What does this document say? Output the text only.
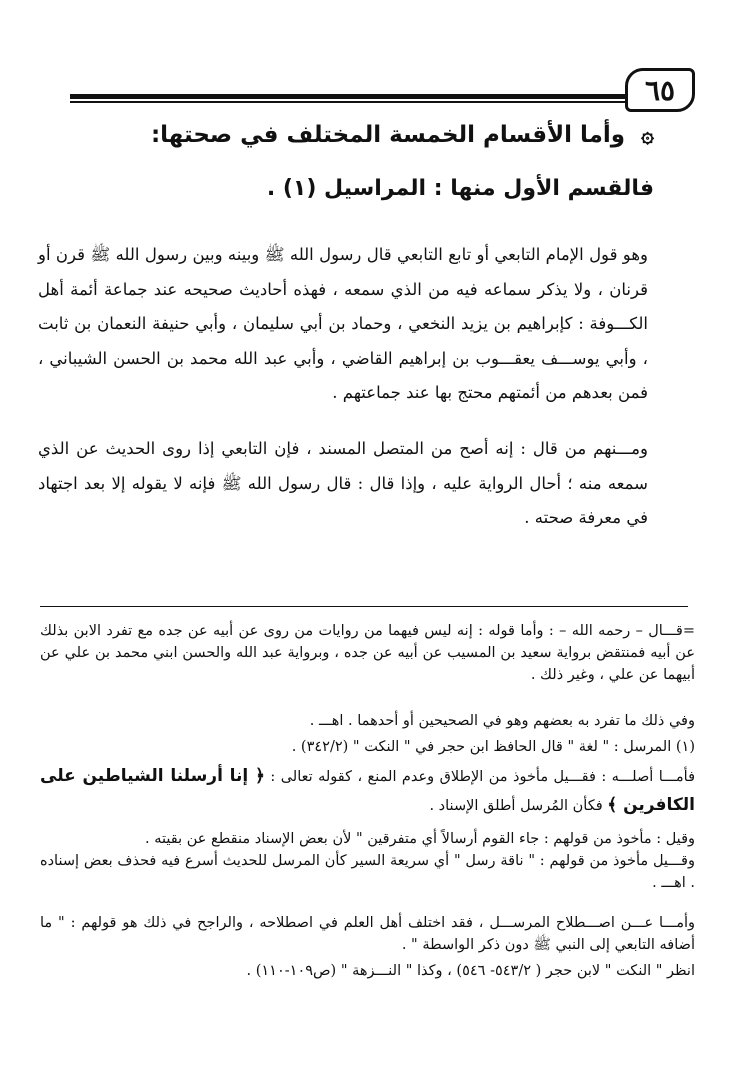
٦٥
۞ وأما الأقسام الخمسة المختلف في صحتها:
فالقسم الأول منها : المراسيل (١) .
وهو قول الإمام التابعي أو تابع التابعي قال رسول الله ﷺ وبينه وبين رسول الله ﷺ قرن أو قرنان ، ولا يذكر سماعه فيه من الذي سمعه ، فهذه أحاديث صحيحه عند جماعة أئمة أهل الكـــوفة : كإبراهيم بن يزيد النخعي ، وحماد بن أبي سليمان ، وأبي حنيفة النعمان بن ثابت ، وأبي يوســـف يعقـــوب بن إبراهيم القاضي ، وأبي عبد الله محمد بن الحسن الشيباني ، فمن بعدهم من أئمتهم محتج بها عند جماعتهم .
ومـــنهم من قال : إنه أصح من المتصل المسند ، فإن التابعي إذا روى الحديث عن الذي سمعه منه ؛ أحال الرواية عليه ، وإذا قال : قال رسول الله ﷺ فإنه لا يقوله إلا بعد اجتهاد في معرفة صحته .
=قـــال – رحمه الله – : وأما قوله : إنه ليس فيهما من روايات من روى عن أبيه عن جده مع تفرد الابن بذلك عن أبيه فمنتقض برواية سعيد بن المسيب عن أبيه عن جده ، وبرواية عبد الله والحسن ابني محمد بن علي عن أبيهما عن علي ، وغير ذلك .
وفي ذلك ما تفرد به بعضهم وهو في الصحيحين أو أحدهما . اهـــ .
(١) المرسل : " لغة " قال الحافظ ابن حجر في " النكت " (٣٤٢/٢) .
فأمـــا أصلـــه : فقـــيل مأخوذ من الإطلاق وعدم المنع ، كقوله تعالى : ﴿ إنا أرسلنا الشياطين على الكافرين ﴾ فكأن المُرسل أطلق الإسناد .
وقيل : مأخوذ من قولهم : جاء القوم أرسالاً أي متفرقين " لأن بعض الإسناد منقطع عن بقيته .
وقـــيل مأخوذ من قولهم : " ناقة رسل " أي سريعة السير كأن المرسل للحديث أسرع فيه فحذف بعض إسناده . اهـــ .
وأمـــا عـــن اصـــطلاح المرســـل ، فقد اختلف أهل العلم في اصطلاحه ، والراجح في ذلك هو قولهم : " ما أضافه التابعي إلى النبي ﷺ دون ذكر الواسطة " .
انظر " النكت " لابن حجر ( ٥٤٣/٢- ٥٤٦) ، وكذا " النـــزهة " (ص١٠٩-١١٠) .
